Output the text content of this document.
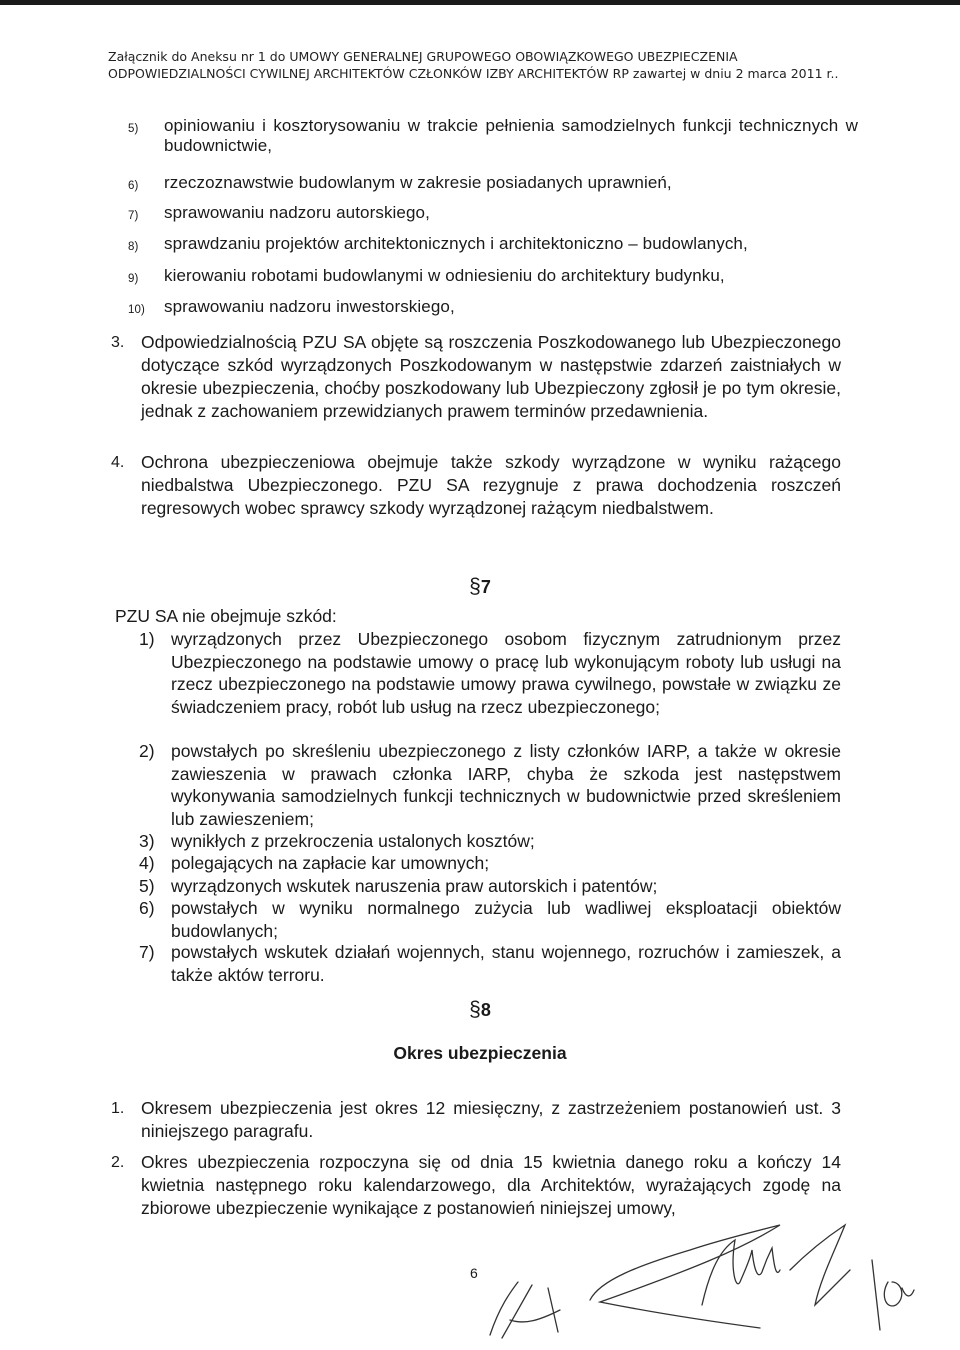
Załącznik do Aneksu nr 1 do UMOWY GENERALNEJ GRUPOWEGO OBOWIĄZKOWEGO UBEZPIECZENIA ODPOWIEDZIALNOŚCI CYWILNEJ ARCHITEKTÓW CZŁONKÓW IZBY ARCHITEKTÓW RP zawartej w dniu 2 marca 2011 r..
5) opiniowaniu i kosztorysowaniu w trakcie pełnienia samodzielnych funkcji technicznych w budownictwie,
6) rzeczoznawstwie budowlanym w zakresie posiadanych uprawnień,
7) sprawowaniu nadzoru autorskiego,
8) sprawdzaniu projektów architektonicznych i architektoniczno – budowlanych,
9) kierowaniu robotami budowlanymi w odniesieniu do architektury budynku,
10) sprawowaniu nadzoru inwestorskiego,
3. Odpowiedzialnością PZU SA objęte są roszczenia Poszkodowanego lub Ubezpieczonego dotyczące szkód wyrządzonych Poszkodowanym w następstwie zdarzeń zaistniałych w okresie ubezpieczenia, choćby poszkodowany lub Ubezpieczony zgłosił je po tym okresie, jednak z zachowaniem przewidzianych prawem terminów przedawnienia.
4. Ochrona ubezpieczeniowa obejmuje także szkody wyrządzone w wyniku rażącego niedbalstwa Ubezpieczonego. PZU SA rezygnuje z prawa dochodzenia roszczeń regresowych wobec sprawcy szkody wyrządzonej rażącym niedbalstwem.
§7
PZU SA nie obejmuje szkód:
1) wyrządzonych przez Ubezpieczonego osobom fizycznym zatrudnionym przez Ubezpieczonego na podstawie umowy o pracę lub wykonującym roboty lub usługi na rzecz ubezpieczonego na podstawie umowy prawa cywilnego, powstałe w związku ze świadczeniem pracy, robót lub usług na rzecz ubezpieczonego;
2) powstałych po skreśleniu ubezpieczonego z listy członków IARP, a także w okresie zawieszenia w prawach członka IARP, chyba że szkoda jest następstwem wykonywania samodzielnych funkcji technicznych w budownictwie przed skreśleniem lub zawieszeniem;
3) wynikłych z przekroczenia ustalonych kosztów;
4) polegających na zapłacie kar umownych;
5) wyrządzonych wskutek naruszenia praw autorskich i patentów;
6) powstałych w wyniku normalnego zużycia lub wadliwej eksploatacji obiektów budowlanych;
7) powstałych wskutek działań wojennych, stanu wojennego, rozruchów i zamieszek, a także aktów terroru.
§8
Okres ubezpieczenia
1. Okresem ubezpieczenia jest okres 12 miesięczny, z zastrzeżeniem postanowień ust. 3 niniejszego paragrafu.
2. Okres ubezpieczenia rozpoczyna się od dnia 15 kwietnia danego roku a kończy 14 kwietnia następnego roku kalendarzowego, dla Architektów, wyrażających zgodę na zbiorowe ubezpieczenie wynikające z postanowień niniejszej umowy,
6
